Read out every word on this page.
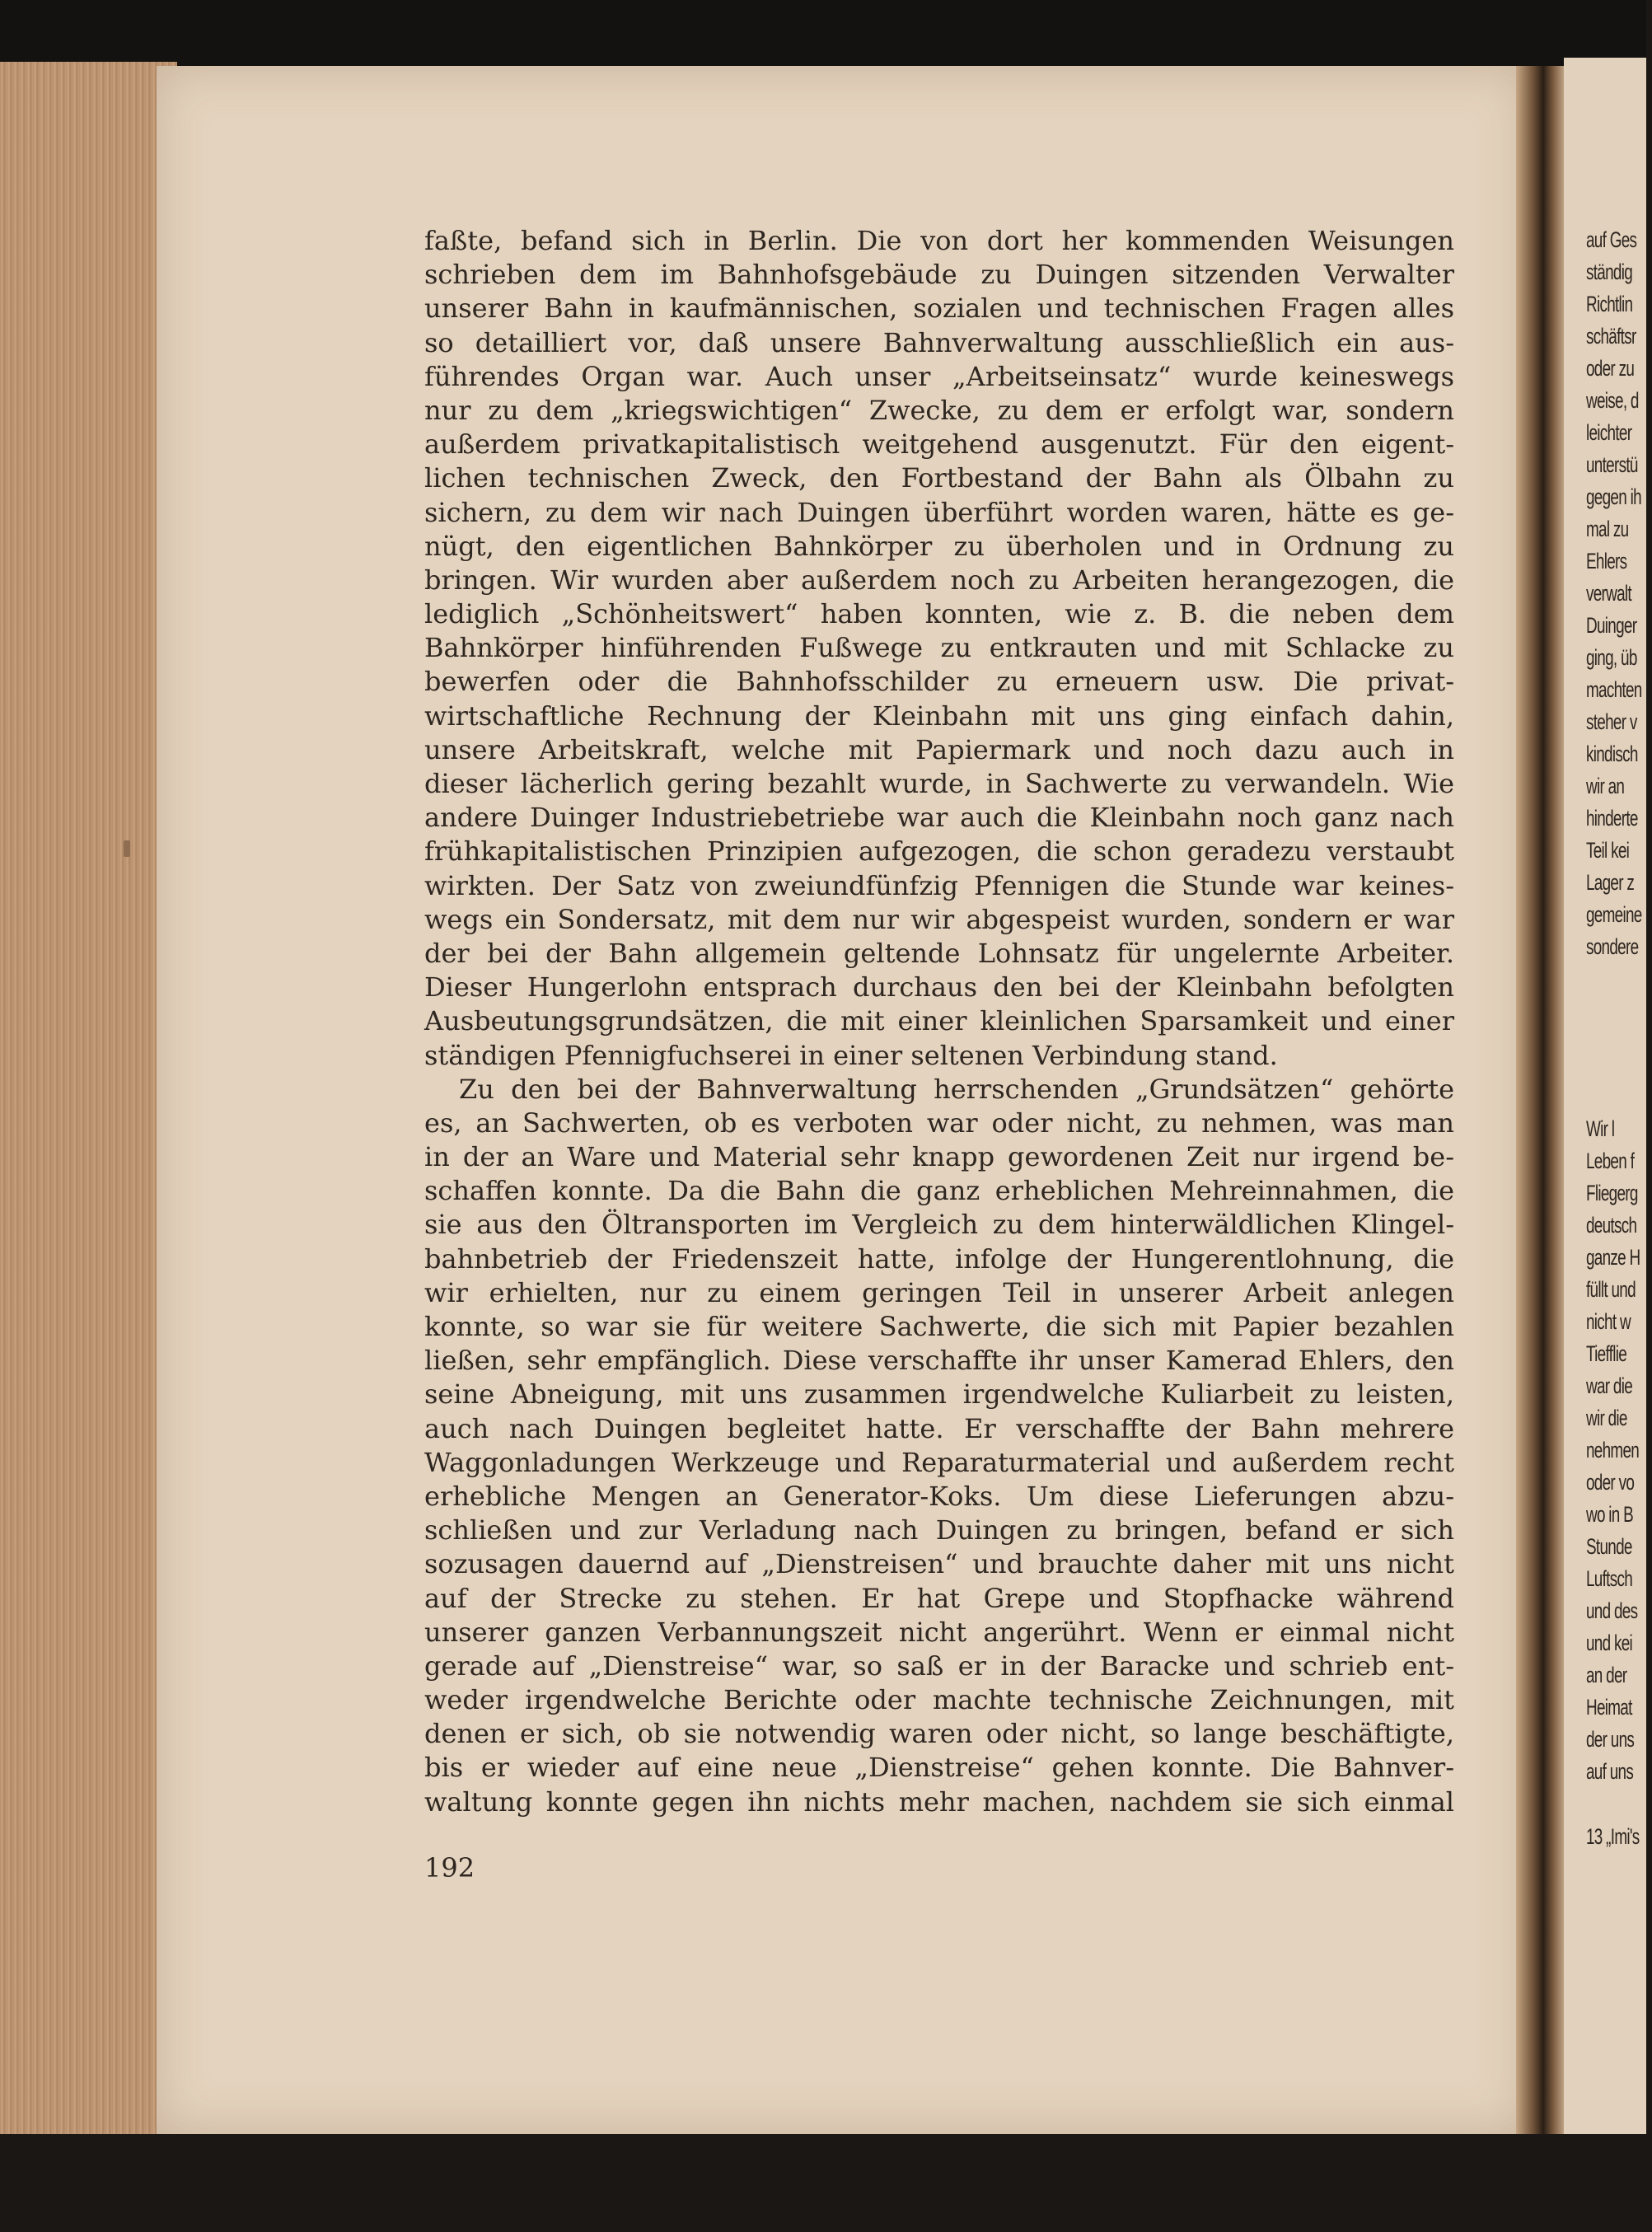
faßte, befand sich in Berlin. Die von dort her kommenden Weisungen
schrieben dem im Bahnhofsgebäude zu Duingen sitzenden Verwalter
unserer Bahn in kaufmännischen, sozialen und technischen Fragen alles
so detailliert vor, daß unsere Bahnverwaltung ausschließlich ein aus-
führendes Organ war. Auch unser „Arbeitseinsatz“ wurde keineswegs
nur zu dem „kriegswichtigen“ Zwecke, zu dem er erfolgt war, sondern
außerdem privatkapitalistisch weitgehend ausgenutzt. Für den eigent-
lichen technischen Zweck, den Fortbestand der Bahn als Ölbahn zu
sichern, zu dem wir nach Duingen überführt worden waren, hätte es ge-
nügt, den eigentlichen Bahnkörper zu überholen und in Ordnung zu
bringen. Wir wurden aber außerdem noch zu Arbeiten herangezogen, die
lediglich „Schönheitswert“ haben konnten, wie z. B. die neben dem
Bahnkörper hinführenden Fußwege zu entkrauten und mit Schlacke zu
bewerfen oder die Bahnhofsschilder zu erneuern usw. Die privat-
wirtschaftliche Rechnung der Kleinbahn mit uns ging einfach dahin,
unsere Arbeitskraft, welche mit Papiermark und noch dazu auch in
dieser lächerlich gering bezahlt wurde, in Sachwerte zu verwandeln. Wie
andere Duinger Industriebetriebe war auch die Kleinbahn noch ganz nach
frühkapitalistischen Prinzipien aufgezogen, die schon geradezu verstaubt
wirkten. Der Satz von zweiundfünfzig Pfennigen die Stunde war keines-
wegs ein Sondersatz, mit dem nur wir abgespeist wurden, sondern er war
der bei der Bahn allgemein geltende Lohnsatz für ungelernte Arbeiter.
Dieser Hungerlohn entsprach durchaus den bei der Kleinbahn befolgten
Ausbeutungsgrundsätzen, die mit einer kleinlichen Sparsamkeit und einer
ständigen Pfennigfuchserei in einer seltenen Verbindung stand.
Zu den bei der Bahnverwaltung herrschenden „Grundsätzen“ gehörte
es, an Sachwerten, ob es verboten war oder nicht, zu nehmen, was man
in der an Ware und Material sehr knapp gewordenen Zeit nur irgend be-
schaffen konnte. Da die Bahn die ganz erheblichen Mehreinnahmen, die
sie aus den Öltransporten im Vergleich zu dem hinterwäldlichen Klingel-
bahnbetrieb der Friedenszeit hatte, infolge der Hungerentlohnung, die
wir erhielten, nur zu einem geringen Teil in unserer Arbeit anlegen
konnte, so war sie für weitere Sachwerte, die sich mit Papier bezahlen
ließen, sehr empfänglich. Diese verschaffte ihr unser Kamerad Ehlers, den
seine Abneigung, mit uns zusammen irgendwelche Kuliarbeit zu leisten,
auch nach Duingen begleitet hatte. Er verschaffte der Bahn mehrere
Waggonladungen Werkzeuge und Reparaturmaterial und außerdem recht
erhebliche Mengen an Generator-Koks. Um diese Lieferungen abzu-
schließen und zur Verladung nach Duingen zu bringen, befand er sich
sozusagen dauernd auf „Dienstreisen“ und brauchte daher mit uns nicht
auf der Strecke zu stehen. Er hat Grepe und Stopfhacke während
unserer ganzen Verbannungszeit nicht angerührt. Wenn er einmal nicht
gerade auf „Dienstreise“ war, so saß er in der Baracke und schrieb ent-
weder irgendwelche Berichte oder machte technische Zeichnungen, mit
denen er sich, ob sie notwendig waren oder nicht, so lange beschäftigte,
bis er wieder auf eine neue „Dienstreise“ gehen konnte. Die Bahnver-
waltung konnte gegen ihn nichts mehr machen, nachdem sie sich einmal
192
auf Ges
ständig
Richtlin
schäftsr
oder zu
weise, d
leichter
unterstü
gegen ih
mal zu
Ehlers
verwalt
Duinger
ging, üb
machten
steher v
kindisch
wir an
hinderte
Teil kei
Lager z
gemeine
sondere
Wir l
Leben f
Fliegerg
deutsch
ganze H
füllt und
nicht w
Tiefflie
war die
wir die
nehmen
oder vo
wo in B
Stunde
Luftsch
und des
und kei
an der
Heimat
der uns
auf uns
13 „Imi's
